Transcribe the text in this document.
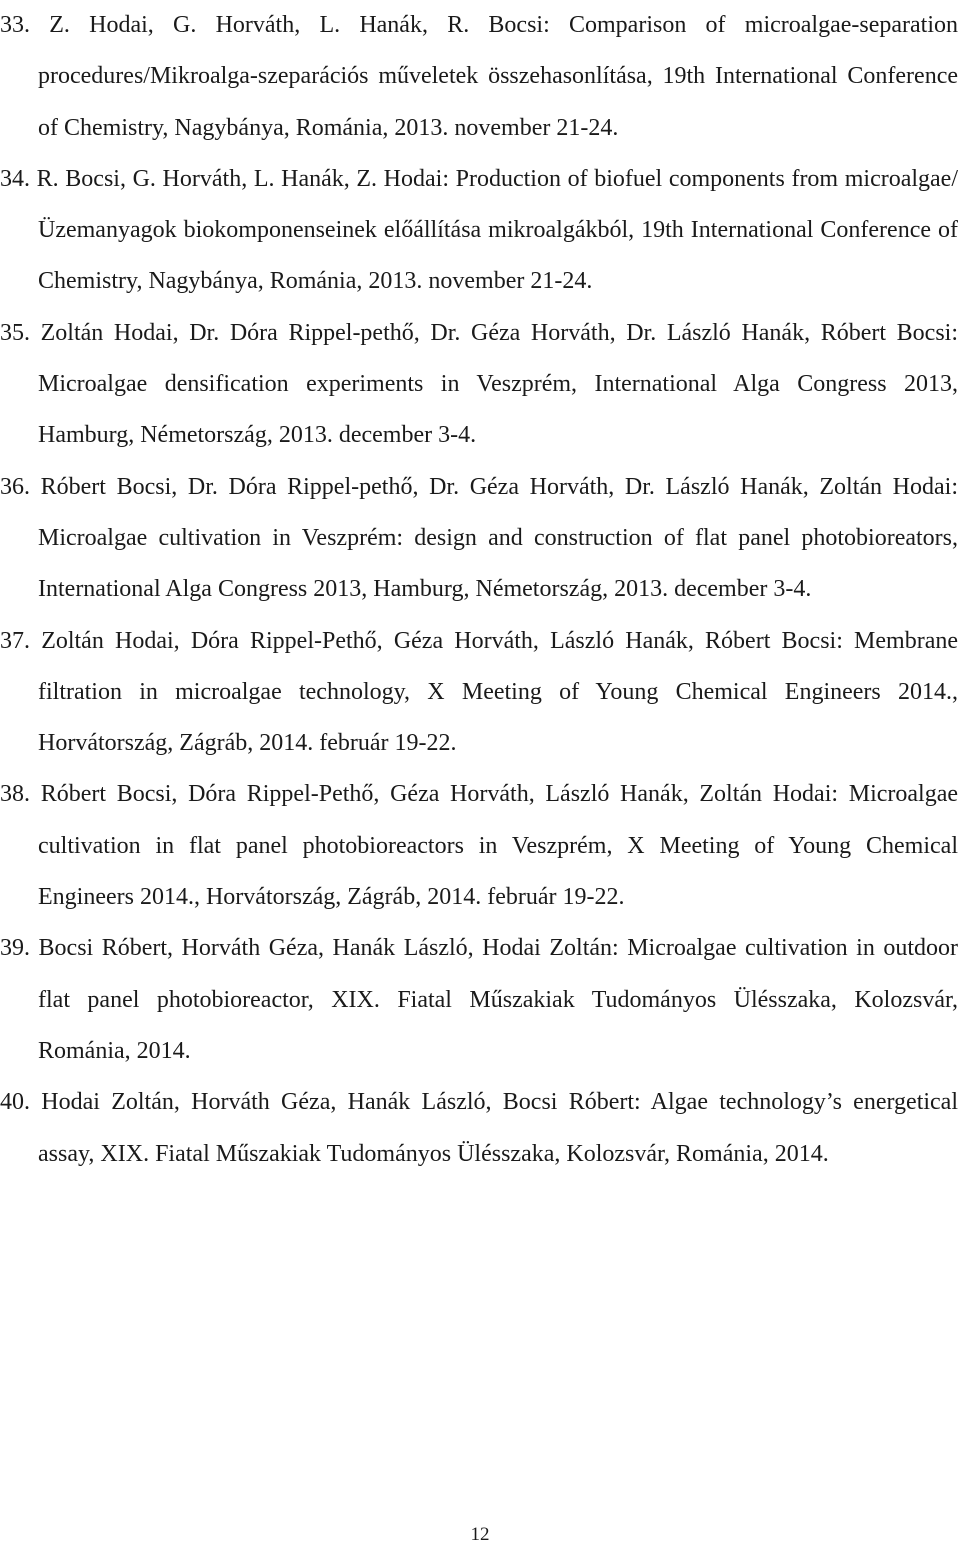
33. Z. Hodai, G. Horváth, L. Hanák, R. Bocsi: Comparison of microalgae-separation procedures/Mikroalga-szeparációs műveletek összehasonlítása, 19th International Conference of Chemistry, Nagybánya, Románia, 2013. november 21-24.

34. R. Bocsi, G. Horváth, L. Hanák, Z. Hodai: Production of biofuel components from microalgae/Üzemanyagok biokomponenseinek előállítása mikroalgákból, 19th International Conference of Chemistry, Nagybánya, Románia, 2013. november 21-24.

35. Zoltán Hodai, Dr. Dóra Rippel-pethő, Dr. Géza Horváth, Dr. László Hanák, Róbert Bocsi: Microalgae densification experiments in Veszprém, International Alga Congress 2013, Hamburg, Németország, 2013. december 3-4.

36. Róbert Bocsi, Dr. Dóra Rippel-pethő, Dr. Géza Horváth, Dr. László Hanák, Zoltán Hodai: Microalgae cultivation in Veszprém: design and construction of flat panel photobioreators, International Alga Congress 2013, Hamburg, Németország, 2013. december 3-4.

37. Zoltán Hodai, Dóra Rippel-Pethő, Géza Horváth, László Hanák, Róbert Bocsi: Membrane filtration in microalgae technology, X Meeting of Young Chemical Engineers 2014., Horvátország, Zágráb, 2014. február 19-22.

38. Róbert Bocsi, Dóra Rippel-Pethő, Géza Horváth, László Hanák, Zoltán Hodai: Microalgae cultivation in flat panel photobioreactors in Veszprém, X Meeting of Young Chemical Engineers 2014., Horvátország, Zágráb, 2014. február 19-22.

39. Bocsi Róbert, Horváth Géza, Hanák László, Hodai Zoltán: Microalgae cultivation in outdoor flat panel photobioreactor, XIX. Fiatal Műszakiak Tudományos Ülésszaka, Kolozsvár, Románia, 2014.

40. Hodai Zoltán, Horváth Géza, Hanák László, Bocsi Róbert: Algae technology’s energetical assay, XIX. Fiatal Műszakiak Tudományos Ülésszaka, Kolozsvár, Románia, 2014.

12
